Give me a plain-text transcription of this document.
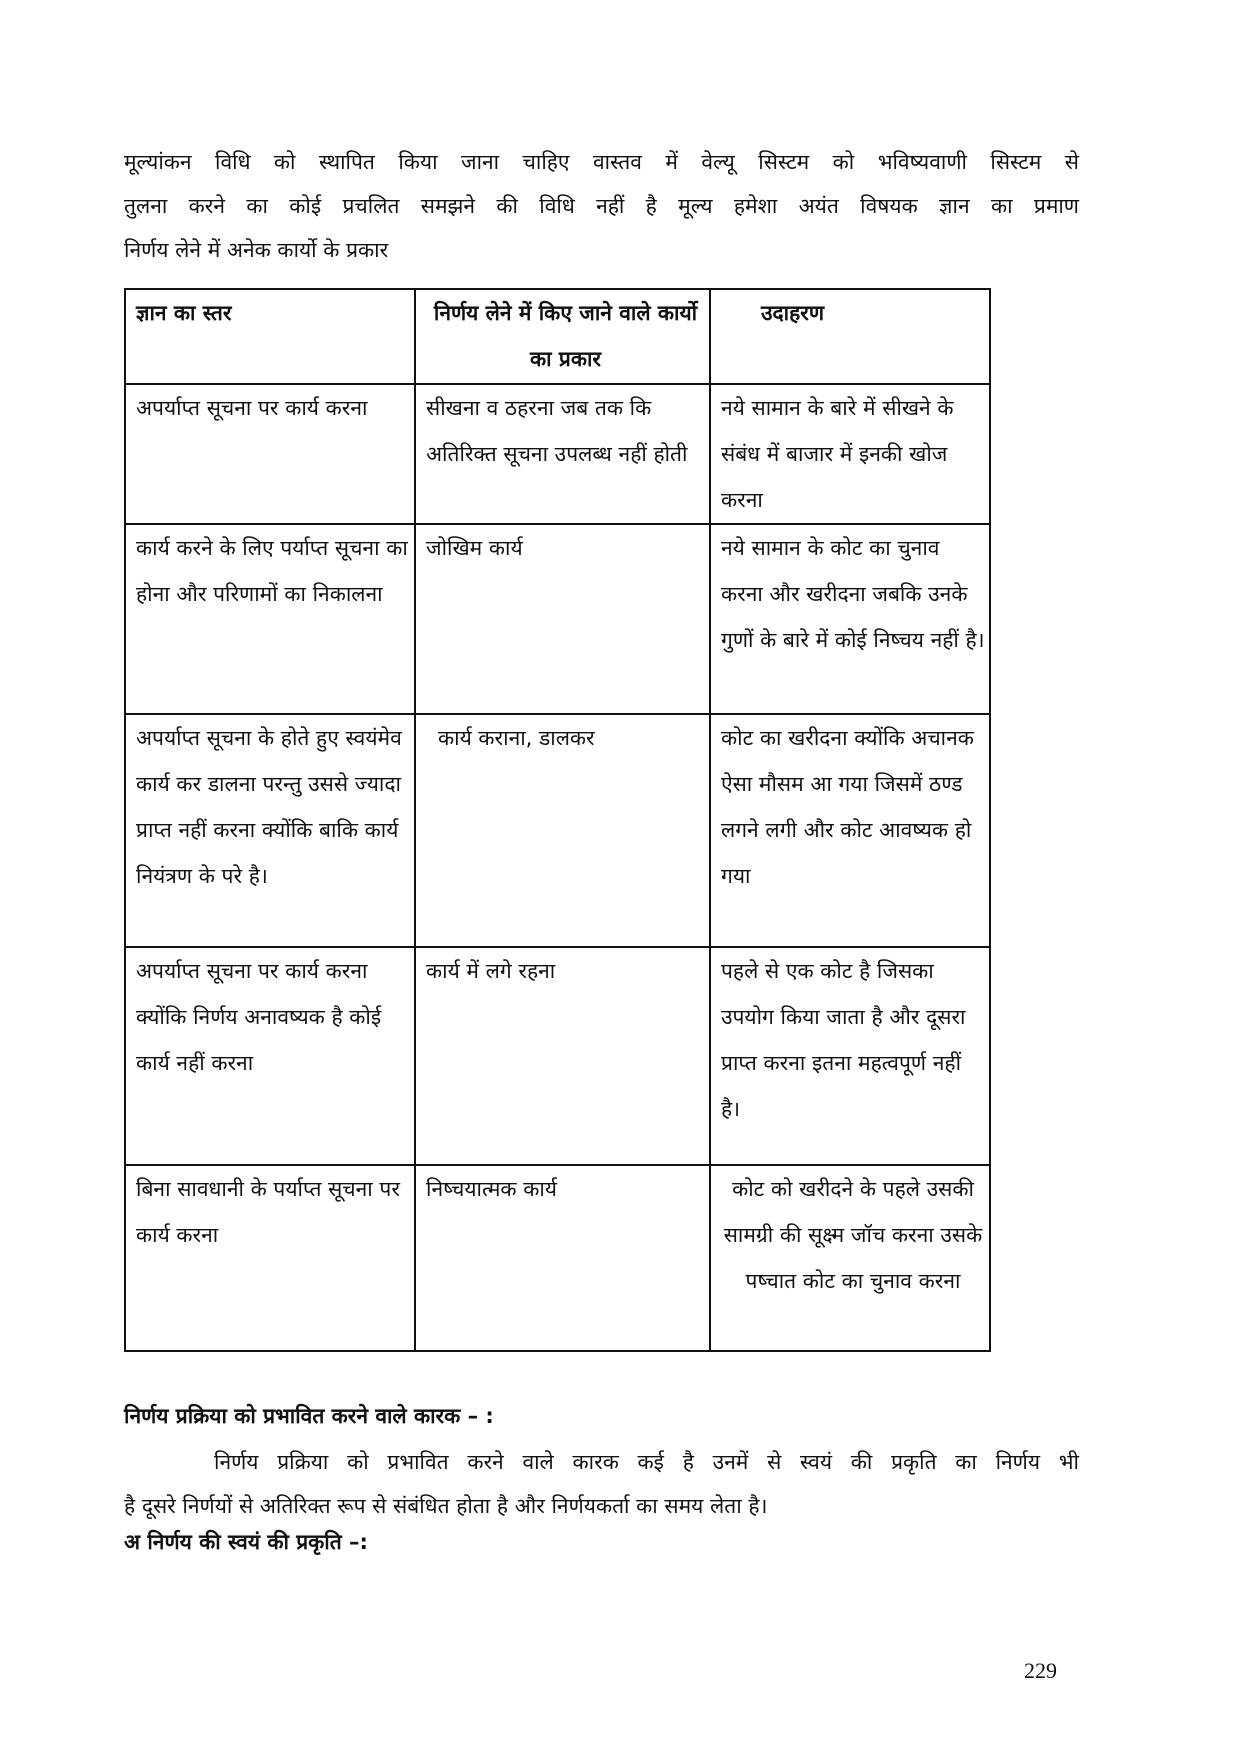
मूल्यांकन विधि को स्थापित किया जाना चाहिए वास्तव में वेल्यू सिस्टम को भविष्यवाणी सिस्टम से

तुलना करने का कोई प्रचलित समझने की विधि नहीं है मूल्य हमेशा अयंत विषयक ज्ञान का प्रमाण

निर्णय लेने में अनेक कार्यो के प्रकार

ज्ञान का स्तर	निर्णय लेने में किए जाने वाले कार्यो का प्रकार	उदाहरण
अपर्याप्त सूचना पर कार्य करना	सीखना व ठहरना जब तक कि अतिरिक्त सूचना उपलब्ध नहीं होती	नये सामान के बारे में सीखने के संबंध में बाजार में इनकी खोज करना
कार्य करने के लिए पर्याप्त सूचना का होना और परिणामों का निकालना	जोखिम कार्य	नये सामान के कोट का चुनाव करना और खरीदना जबकि उनके गुणों के बारे में कोई निष्चय नहीं है।
अपर्याप्त सूचना के होते हुए स्वयंमेव कार्य कर डालना परन्तु उससे ज्यादा प्राप्त नहीं करना क्योंकि बाकि कार्य नियंत्रण के परे है।	कार्य कराना, डालकर	कोट का खरीदना क्योंकि अचानक ऐसा मौसम आ गया जिसमें ठण्ड लगने लगी और कोट आवष्यक हो गया
अपर्याप्त सूचना पर कार्य करना क्योंकि निर्णय अनावष्यक है कोई कार्य नहीं करना	कार्य में लगे रहना	पहले से एक कोट है जिसका उपयोग किया जाता है और दूसरा प्राप्त करना इतना महत्वपूर्ण नहीं है।
बिना सावधानी के पर्याप्त सूचना पर कार्य करना	निष्चयात्मक कार्य	कोट को खरीदने के पहले उसकी सामग्री की सूक्ष्म जॉच करना उसके पष्चात कोट का चुनाव करना
निर्णय प्रक्रिया को प्रभावित करने वाले कारक – :

निर्णय प्रक्रिया को प्रभावित करने वाले कारक कई है उनमें से स्वयं की प्रकृति का निर्णय भी

है दूसरे निर्णयों से अतिरिक्त रूप से संबंधित होता है और निर्णयकर्ता का समय लेता है।

अ निर्णय की स्वयं की प्रकृति –:
229
